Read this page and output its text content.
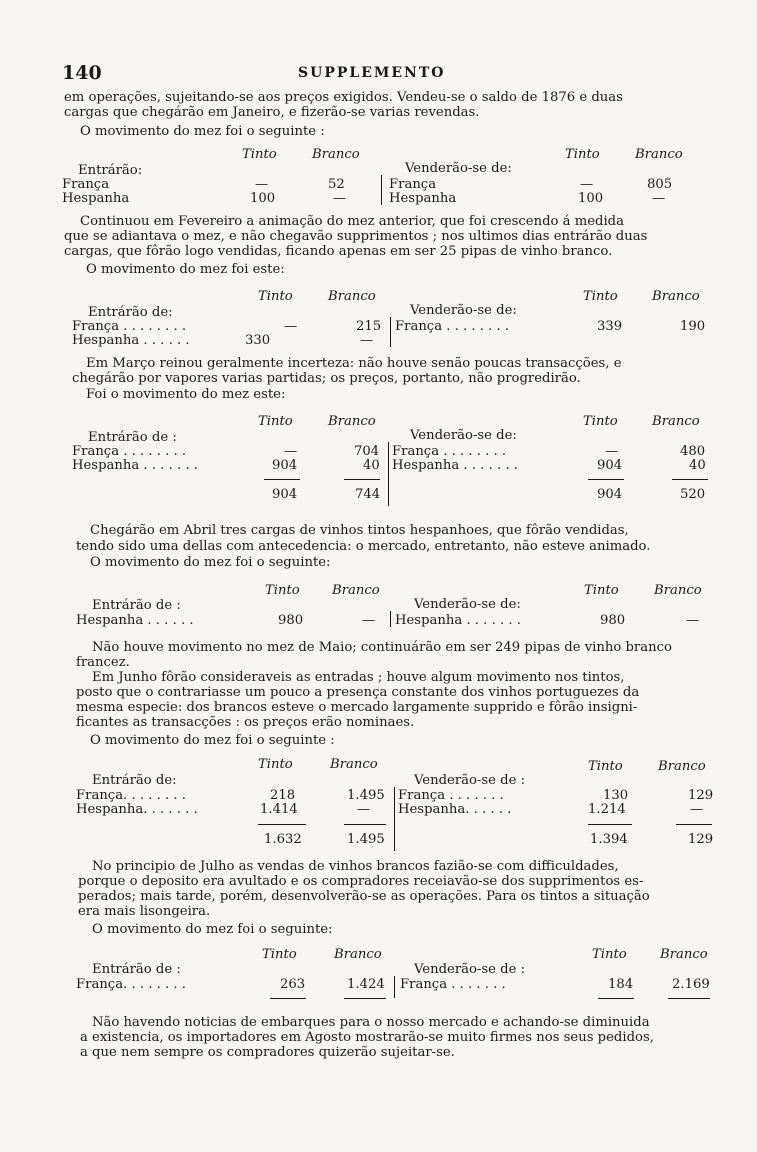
140	SUPPLEMENTO
em operações, sujeitando-se aos preços exigidos. Vendeu-se o saldo de 1876 e duas
cargas que chegárão em Janeiro, e fizerão-se varias revendas.
O movimento do mez foi o seguinte :
Tinto	Branco	Tinto	Branco
Entrárão:	Venderão-se de:
França	—	52	França	—	805
Hespanha	100	—	Hespanha	100	—
Continuou em Fevereiro a animação do mez anterior, que foi crescendo á medida
que se adiantava o mez, e não chegavão supprimentos ; nos ultimos dias entrárão duas
cargas, que fôrão logo vendidas, ficando apenas em ser 25 pipas de vinho branco.
O movimento do mez foi este:
Tinto	Branco	Tinto	Branco
Entrárão de:	Venderão-se de:
França . . . . . . . .	—	215 França . . . . . . . .	339	190
Hespanha . . . . . .	330	—
Em Março reinou geralmente incerteza: não houve senão poucas transacções, e
chegárão por vapores varias partidas; os preços, portanto, não progredirão.
Foi o movimento do mez este:
Tinto	Branco	Tinto	Branco
Entrárão de :	Venderão-se de:
França . . . . . . . .	—	704 França . . . . . . . .	—	480
Hespanha . . . . . . .	904	40 Hespanha . . . . . . .	904	40
904	744	904	520
Chegárão em Abril tres cargas de vinhos tintos hespanhoes, que fôrão vendidas,
tendo sido uma dellas com antecedencia: o mercado, entretanto, não esteve animado.
O movimento do mez foi o seguinte:
Tinto Branco	Tinto	Branco
Entrárão de :	Venderão-se de:
Hespanha . . . . . .	980	— Hespanha . . . . . . .	980	—
Não houve movimento no mez de Maio; continuárão em ser 249 pipas de vinho branco
francez.
Em Junho fôrão consideraveis as entradas ; houve algum movimento nos tintos,
posto que o contrariasse um pouco a presença constante dos vinhos portuguezes da
mesma especie: dos brancos esteve o mercado largamente supprido e fôrão insigni-
ficantes as transacções : os preços erão nominaes.
O movimento do mez foi o seguinte :
Tinto	Branco	Tinto	Branco
Entrárão de:	Venderão-se de :
França. . . . . . . .	218	1.495 França . . . . . . .	130	129
Hespanha. . . . . . .	1.414	— Hespanha. . . . . .	1.214	—
1.632	1.495	1.394	129
No principio de Julho as vendas de vinhos brancos fazião-se com difficuldades,
porque o deposito era avultado e os compradores receiavão-se dos supprimentos es-
perados; mais tarde, porém, desenvolverão-se as operações. Para os tintos a situação
era mais lisongeira.
O movimento do mez foi o seguinte:
Tinto	Branco	Tinto	Branco
Entrárão de :	Venderão-se de :
França. . . . . . . .	263	1.424 França . . . . . . .	184	2.169
Não havendo noticias de embarques para o nosso mercado e achando-se diminuida
a existencia, os importadores em Agosto mostrarão-se muito firmes nos seus pedidos,
a que nem sempre os compradores quizerão sujeitar-se.
